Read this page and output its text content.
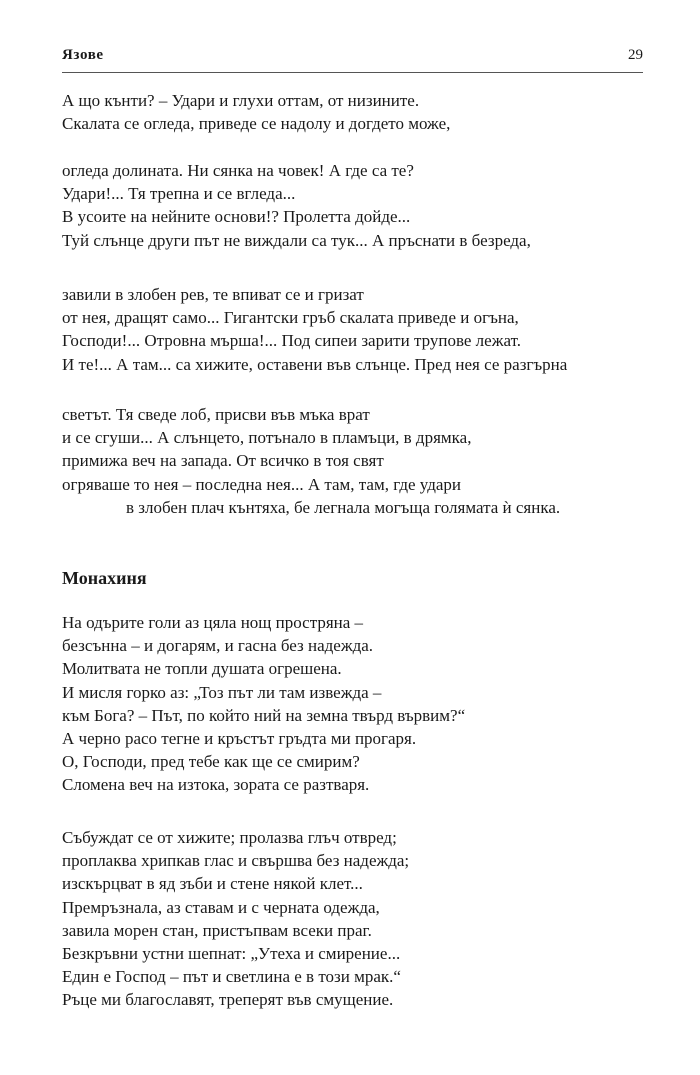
Язове	29
А що кънти? – Удари и глухи оттам, от низините.
Скалата се огледа, приведе се надолу и догдето може,
огледа долината. Ни сянка на човек! А где са те?
Удари!... Тя трепна и се вгледа...
В усоите на нейните основи!? Пролетта дойде...
Туй слънце други път не виждали са тук... А пръснати в безреда,
завили в злобен рев, те впиват се и гризат
от нея, дращят само... Гигантски гръб скалата приведе и огъна,
Господи!... Отровна мърша!... Под сипеи зарити трупове лежат.
И те!... А там... са хижите, оставени във слънце. Пред нея се разгърна
светът. Тя сведе лоб, присви във мъка врат
и се сгуши... А слънцето, потънало в пламъци, в дрямка,
примижа веч на запада. От всичко в тоя свят
огряваше то нея – последна нея... А там, там, где удари
в злобен плач кънтяха, бе легнала могъща голямата ѝ сянка.
Монахиня
На одърите голи аз цяла нощ простряна –
безсънна – и догарям, и гасна без надежда.
Молитвата не топли душата огрешена.
И мисля горко аз: „Тоз път ли там извежда –
към Бога? – Път, по който ний на земна твърд вървим?“
А черно расо тегне и кръстът гръдта ми прогаря.
О, Господи, пред тебе как ще се смирим?
Сломена веч на изтока, зората се разтваря.
Събуждат се от хижите; пролазва глъч отвред;
проплаква хрипкав глас и свършва без надежда;
изскърцват в яд зъби и стене някой клет...
Премръзнала, аз ставам и с черната одежда,
завила морен стан, пристъпвам всеки праг.
Безкръвни устни шепнат: „Утеха и смирение...
Един е Господ – път и светлина е в този мрак.“
Ръце ми благославят, треперят във смущение.
